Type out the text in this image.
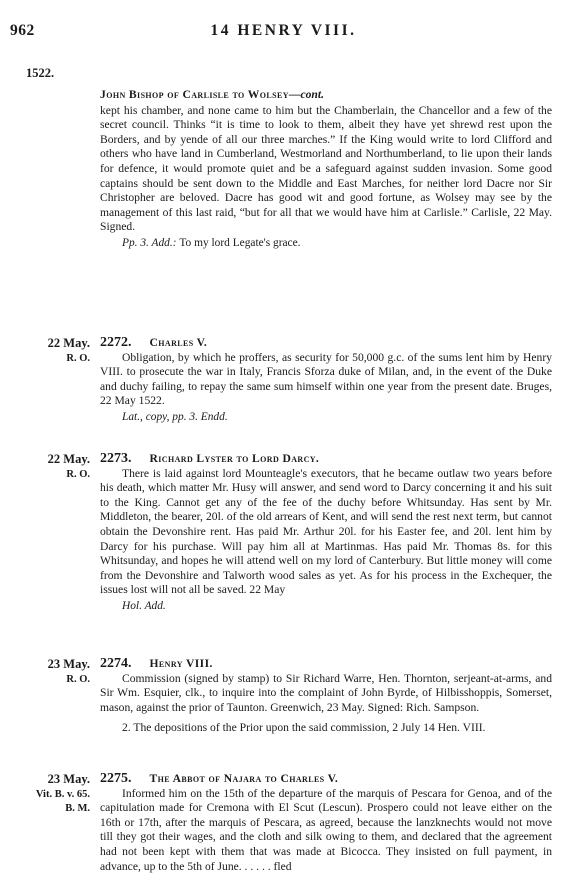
962	14 HENRY VIII.
1522.
John Bishop of Carlisle to Wolsey—cont.

kept his chamber, and none came to him but the Chamberlain, the Chancellor and a few of the secret council. Thinks “it is time to look to them, albeit they have yet shrewd rest upon the Borders, and by yende of all our three marches.” If the King would write to lord Clifford and others who have land in Cumberland, Westmorland and Northumberland, to lie upon their lands for defence, it would promote quiet and be a safeguard against sudden invasion. Some good captains should be sent down to the Middle and East Marches, for neither lord Dacre nor Sir Christopher are beloved. Dacre has good wit and good fortune, as Wolsey may see by the management of this last raid, “but for all that we would have him at Carlisle.” Carlisle, 22 May. Signed.

Pp. 3. Add.: To my lord Legate's grace.

22 May.
R. O.
2272. Charles V.

Obligation, by which he proffers, as security for 50,000 g.c. of the sums lent him by Henry VIII. to prosecute the war in Italy, Francis Sforza duke of Milan, and, in the event of the Duke and duchy failing, to repay the same sum himself within one year from the present date. Bruges, 22 May 1522.

Lat., copy, pp. 3. Endd.

22 May.
R. O.
2273. Richard Lyster to Lord Darcy.

There is laid against lord Mounteagle's executors, that he became outlaw two years before his death, which matter Mr. Husy will answer, and send word to Darcy concerning it and his suit to the King. Cannot get any of the fee of the duchy before Whitsunday. Has sent by Mr. Middleton, the bearer, 20l. of the old arrears of Kent, and will send the rest next term, but cannot obtain the Devonshire rent. Has paid Mr. Arthur 20l. for his Easter fee, and 20l. lent him by Darcy for his purchase. Will pay him all at Martinmas. Has paid Mr. Thomas 8s. for this Whitsunday, and hopes he will attend well on my lord of Canterbury. But little money will come from the Devonshire and Talworth wood sales as yet. As for his process in the Exchequer, the issues lost will not all be saved. 22 May

Hol. Add.

23 May.
R. O.
2274. Henry VIII.

Commission (signed by stamp) to Sir Richard Warre, Hen. Thornton, serjeant-at-arms, and Sir Wm. Esquier, clk., to inquire into the complaint of John Byrde, of Hilbisshoppis, Somerset, mason, against the prior of Taunton. Greenwich, 23 May. Signed: Rich. Sampson.

2. The depositions of the Prior upon the said commission, 2 July 14 Hen. VIII.

23 May.
Vit. B. v. 65.
B. M.
2275. The Abbot of Najara to Charles V.

Informed him on the 15th of the departure of the marquis of Pescara for Genoa, and of the capitulation made for Cremona with El Scut (Lescun). Prospero could not leave either on the 16th or 17th, after the marquis of Pescara, as agreed, because the lanzknechts would not move till they got their wages, and the cloth and silk owing to them, and declared that the agreement had not been kept with them that was made at Bicocca. They insisted on full payment, in advance, up to the 5th of June. . . . . . fled
